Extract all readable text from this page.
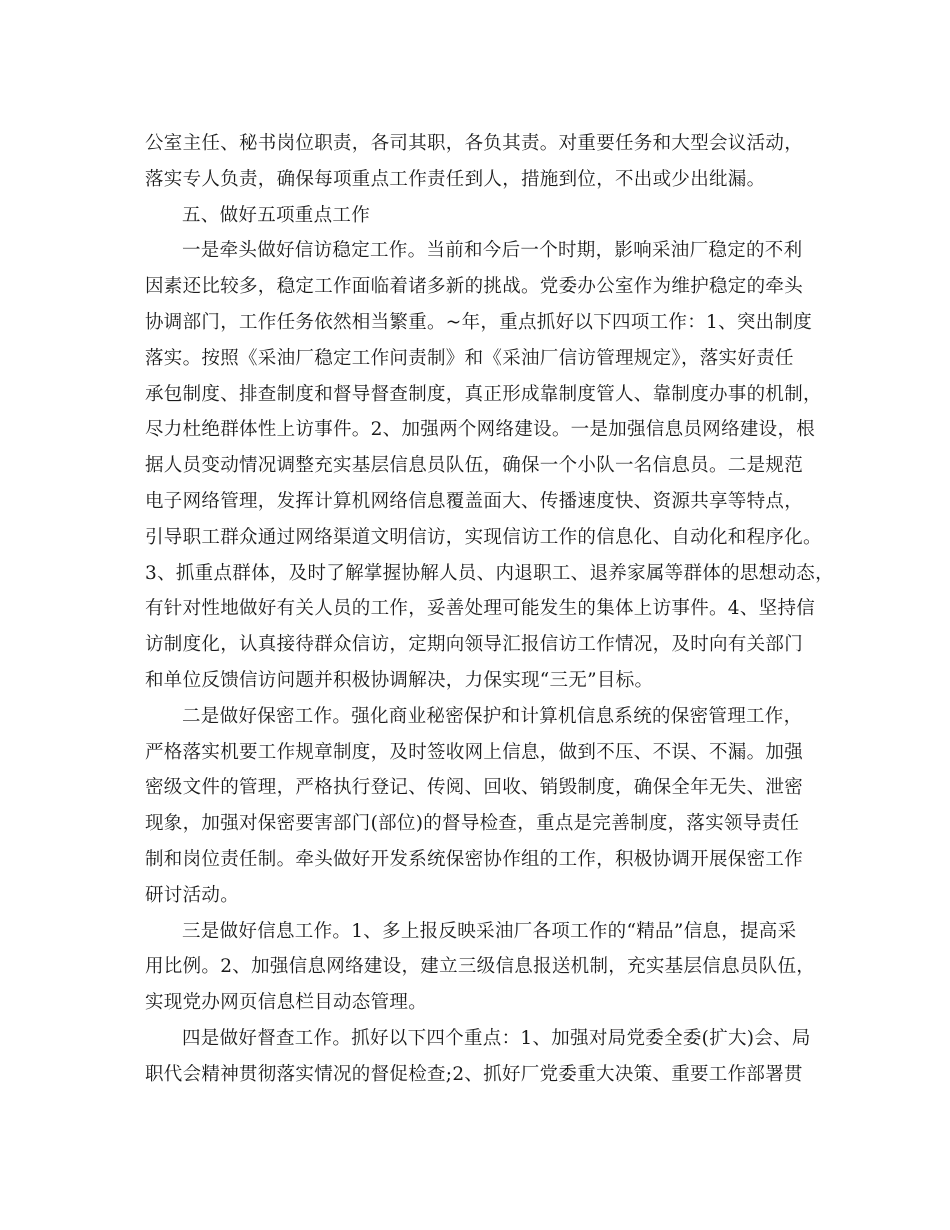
公室主任、秘书岗位职责，各司其职，各负其责。对重要任务和大型会议活动，
落实专人负责，确保每项重点工作责任到人，措施到位，不出或少出纰漏。
五、做好五项重点工作
一是牵头做好信访稳定工作。当前和今后一个时期，影响采油厂稳定的不利
因素还比较多，稳定工作面临着诸多新的挑战。党委办公室作为维护稳定的牵头
协调部门，工作任务依然相当繁重。~年，重点抓好以下四项工作：1、突出制度
落实。按照《采油厂稳定工作问责制》和《采油厂信访管理规定》，落实好责任
承包制度、排查制度和督导督查制度，真正形成靠制度管人、靠制度办事的机制，
尽力杜绝群体性上访事件。2、加强两个网络建设。一是加强信息员网络建设，根
据人员变动情况调整充实基层信息员队伍，确保一个小队一名信息员。二是规范
电子网络管理，发挥计算机网络信息覆盖面大、传播速度快、资源共享等特点，
引导职工群众通过网络渠道文明信访，实现信访工作的信息化、自动化和程序化。
3、抓重点群体，及时了解掌握协解人员、内退职工、退养家属等群体的思想动态，
有针对性地做好有关人员的工作，妥善处理可能发生的集体上访事件。4、坚持信
访制度化，认真接待群众信访，定期向领导汇报信访工作情况，及时向有关部门
和单位反馈信访问题并积极协调解决，力保实现“三无”目标。
二是做好保密工作。强化商业秘密保护和计算机信息系统的保密管理工作，
严格落实机要工作规章制度，及时签收网上信息，做到不压、不误、不漏。加强
密级文件的管理，严格执行登记、传阅、回收、销毁制度，确保全年无失、泄密
现象，加强对保密要害部门(部位)的督导检查，重点是完善制度，落实领导责任
制和岗位责任制。牵头做好开发系统保密协作组的工作，积极协调开展保密工作
研讨活动。
三是做好信息工作。1、多上报反映采油厂各项工作的“精品”信息，提高采
用比例。2、加强信息网络建设，建立三级信息报送机制，充实基层信息员队伍，
实现党办网页信息栏目动态管理。
四是做好督查工作。抓好以下四个重点：1、加强对局党委全委(扩大)会、局
职代会精神贯彻落实情况的督促检查;2、抓好厂党委重大决策、重要工作部署贯
